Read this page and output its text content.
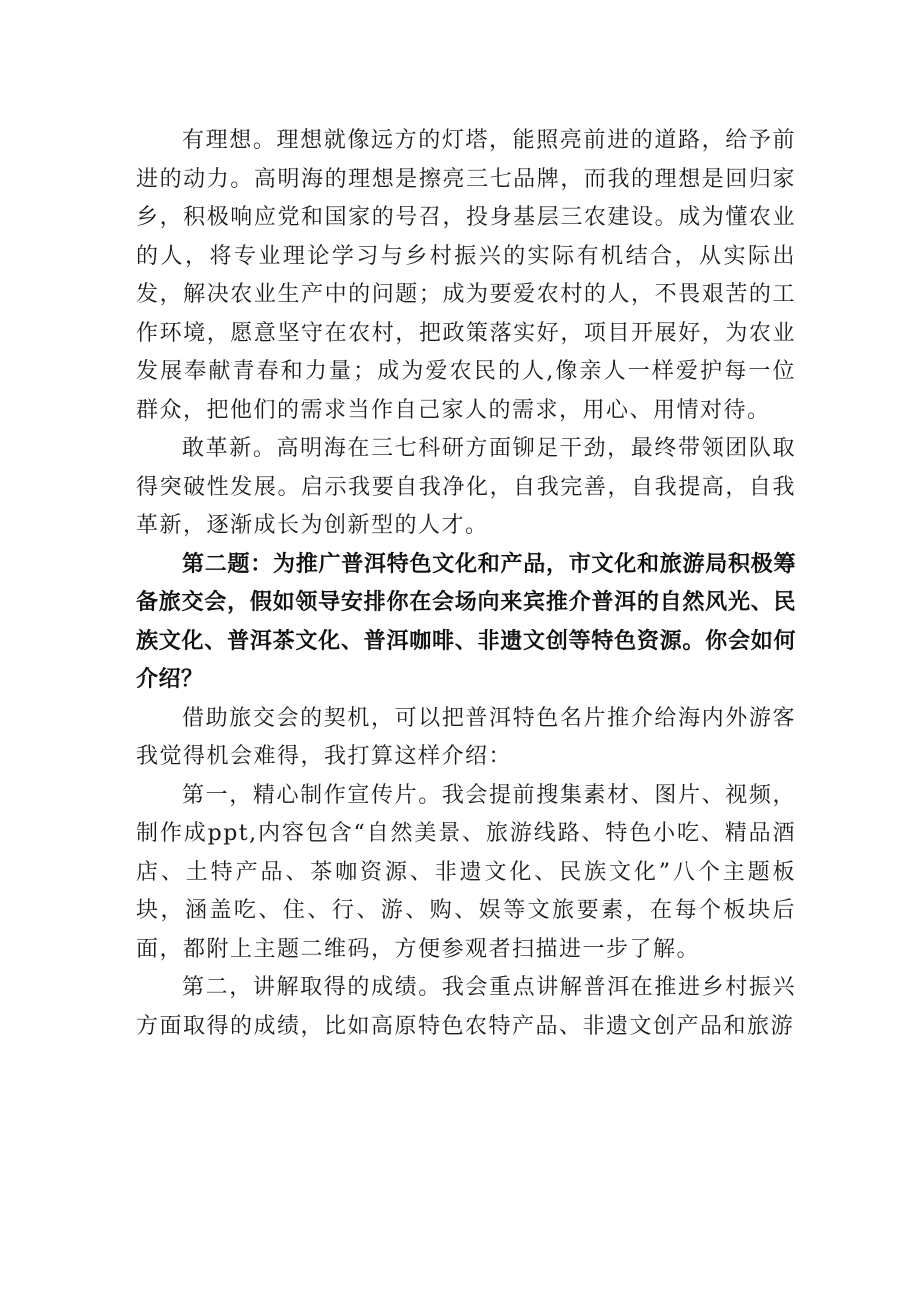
有理想。理想就像远方的灯塔，能照亮前进的道路，给予前进的动力。高明海的理想是擦亮三七品牌，而我的理想是回归家乡，积极响应党和国家的号召，投身基层三农建设。成为懂农业的人，将专业理论学习与乡村振兴的实际有机结合，从实际出发，解决农业生产中的问题；成为要爱农村的人，不畏艰苦的工作环境，愿意坚守在农村，把政策落实好，项目开展好，为农业发展奉献青春和力量；成为爱农民的人,像亲人一样爱护每一位群众，把他们的需求当作自己家人的需求，用心、用情对待。

敢革新。高明海在三七科研方面铆足干劲，最终带领团队取得突破性发展。启示我要自我净化，自我完善，自我提高，自我革新，逐渐成长为创新型的人才。

第二题：为推广普洱特色文化和产品，市文化和旅游局积极筹备旅交会，假如领导安排你在会场向来宾推介普洱的自然风光、民族文化、普洱茶文化、普洱咖啡、非遗文创等特色资源。你会如何介绍？

借助旅交会的契机，可以把普洱特色名片推介给海内外游客我觉得机会难得，我打算这样介绍：

第一，精心制作宣传片。我会提前搜集素材、图片、视频，制作成ppt,内容包含“自然美景、旅游线路、特色小吃、精品酒店、土特产品、茶咖资源、非遗文化、民族文化”八个主题板块，涵盖吃、住、行、游、购、娱等文旅要素，在每个板块后面，都附上主题二维码，方便参观者扫描进一步了解。

第二，讲解取得的成绩。我会重点讲解普洱在推进乡村振兴方面取得的成绩，比如高原特色农特产品、非遗文创产品和旅游
